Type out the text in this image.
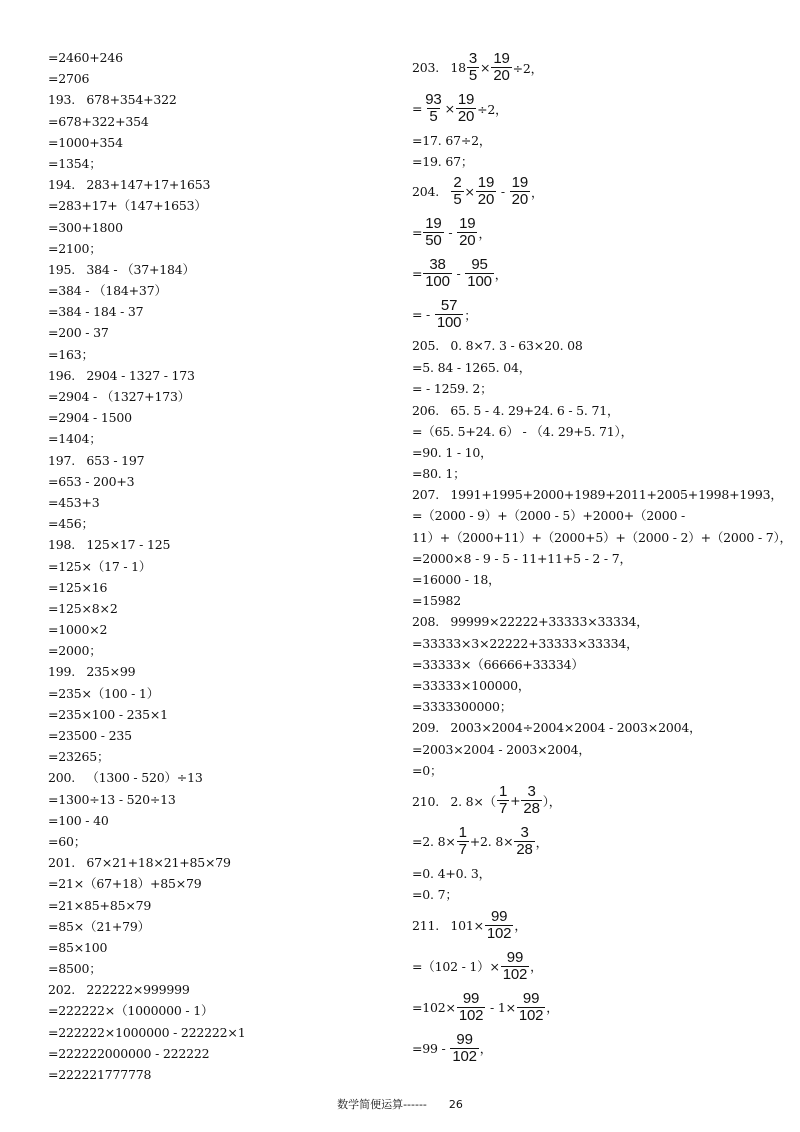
=2460+246
=2706
193.   678+354+322
=678+322+354
=1000+354
=1354；
194.   283+147+17+1653
=283+17+（147+1653）
=300+1800
=2100；
195.   384 - （37+184）
=384 - （184+37）
=384 - 184 - 37
=200 - 37
=163；
196.   2904 - 1327 - 173
=2904 - （1327+173）
=2904 - 1500
=1404；
197.   653 - 197
=653 - 200+3
=453+3
=456；
198.   125×17 - 125
=125×（17 - 1）
=125×16
=125×8×2
=1000×2
=2000；
199.   235×99
=235×（100 - 1）
=235×100 - 235×1
=23500 - 235
=23265；
200.   （1300 - 520）÷13
=1300÷13 - 520÷13
=100 - 40
=60；
201.   67×21+18×21+85×79
=21×（67+18）+85×79
=21×85+85×79
=85×（21+79）
=85×100
=8500；
202.   222222×999999
=222222×（1000000 - 1）
=222222×1000000 - 222222×1
=222222000000 - 222222
=222221777778
203. $18 \frac{3}{5} \times \frac{19}{20} \div 2$，
= $\frac{93}{5} \times \frac{19}{20} \div 2$，
=17. 67÷2，
=19. 67；
204. $\frac{2}{5} \times \frac{19}{20} - \frac{19}{20}$ ，
= $\frac{19}{50} - \frac{19}{20}$ ，
= $\frac{38}{100} - \frac{95}{100}$ ，
= - $\frac{57}{100}$ ；
205.   0. 8×7. 3 - 63×20. 08
=5. 84 - 1265. 04，
= - 1259. 2；
206.   65. 5 - 4. 29+24. 6 - 5. 71，
=（65. 5+24. 6） - （4. 29+5. 71），
=90. 1 - 10，
=80. 1；
207.   1991+1995+2000+1989+2011+2005+1998+1993，
=（2000 - 9）+（2000 - 5）+2000+（2000 -
11）+（2000+11）+（2000+5）+（2000 - 2）+（2000 - 7），
=2000×8 - 9 - 5 - 11+11+5 - 2 - 7，
=16000 - 18，
=15982
208.   99999×22222+33333×33334，
=33333×3×22222+33333×33334，
=33333×（66666+33334）
=33333×100000，
=3333300000；
209.   2003×2004÷2004×2004 - 2003×2004，
=2003×2004 - 2003×2004，
=0；
210.   2. $8\times( \frac{1}{7} + \frac{3}{28}$ ），
=2. $8\times \frac{1}{7} +2$. $8\times \frac{3}{28}$ ，
=0. 4+0. 3，
=0. 7；
211.   $101\times \frac{99}{102}$ ，
$=(102 - 1)\times \frac{99}{102}$ ，
$=102\times \frac{99}{102} - 1\times \frac{99}{102}$ ，
$=99 - \frac{99}{102}$ ，
数学简便运算------ 26
